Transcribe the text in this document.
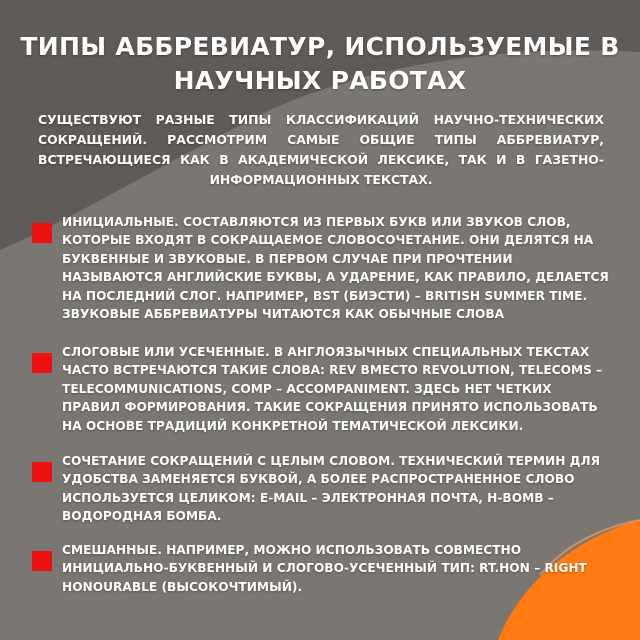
ТИПЫ АББРЕВИАТУР, ИСПОЛЬЗУЕМЫЕ В НАУЧНЫХ РАБОТАХ
СУЩЕСТВУЮТ РАЗНЫЕ ТИПЫ КЛАССИФИКАЦИЙ НАУЧНО-ТЕХНИЧЕСКИХ СОКРАЩЕНИЙ. РАССМОТРИМ САМЫЕ ОБЩИЕ ТИПЫ АББРЕВИАТУР, ВСТРЕЧАЮЩИЕСЯ КАК В АКАДЕМИЧЕСКОЙ ЛЕКСИКЕ, ТАК И В ГАЗЕТНО-ИНФОРМАЦИОННЫХ ТЕКСТАХ.
ИНИЦИАЛЬНЫЕ. СОСТАВЛЯЮТСЯ ИЗ ПЕРВЫХ БУКВ ИЛИ ЗВУКОВ СЛОВ, КОТОРЫЕ ВХОДЯТ В СОКРАЩАЕМОЕ СЛОВОСОЧЕТАНИЕ. ОНИ ДЕЛЯТСЯ НА БУКВЕННЫЕ И ЗВУКОВЫЕ. В ПЕРВОМ СЛУЧАЕ ПРИ ПРОЧТЕНИИ НАЗЫВАЮТСЯ АНГЛИЙСКИЕ БУКВЫ, А УДАРЕНИЕ, КАК ПРАВИЛО, ДЕЛАЕТСЯ НА ПОСЛЕДНИЙ СЛОГ. НАПРИМЕР, BST (БИЭСТИ) – BRITISH SUMMER TIME. ЗВУКОВЫЕ АББРЕВИАТУРЫ ЧИТАЮТСЯ КАК ОБЫЧНЫЕ СЛОВА
СЛОГОВЫЕ ИЛИ УСЕЧЕННЫЕ. В АНГЛОЯЗЫЧНЫХ СПЕЦИАЛЬНЫХ ТЕКСТАХ ЧАСТО ВСТРЕЧАЮТСЯ ТАКИЕ СЛОВА: REV ВМЕСТО REVOLUTION, TELECOMS – TELECOMMUNICATIONS, COMP – ACCOMPANIMENT. ЗДЕСЬ НЕТ ЧЕТКИХ ПРАВИЛ ФОРМИРОВАНИЯ. ТАКИЕ СОКРАЩЕНИЯ ПРИНЯТО ИСПОЛЬЗОВАТЬ НА ОСНОВЕ ТРАДИЦИЙ КОНКРЕТНОЙ ТЕМАТИЧЕСКОЙ ЛЕКСИКИ.
СОЧЕТАНИЕ СОКРАЩЕНИЙ С ЦЕЛЫМ СЛОВОМ. ТЕХНИЧЕСКИЙ ТЕРМИН ДЛЯ УДОБСТВА ЗАМЕНЯЕТСЯ БУКВОЙ, А БОЛЕЕ РАСПРОСТРАНЕННОЕ СЛОВО ИСПОЛЬЗУЕТСЯ ЦЕЛИКОМ: E-MAIL – ЭЛЕКТРОННАЯ ПОЧТА, H-BOMB – ВОДОРОДНАЯ БОМБА.
СМЕШАННЫЕ. НАПРИМЕР, МОЖНО ИСПОЛЬЗОВАТЬ СОВМЕСТНО ИНИЦИАЛЬНО-БУКВЕННЫЙ И СЛОГОВО-УСЕЧЕННЫЙ ТИП: RT.HON – RIGHT HONOURABLE (ВЫСОКОЧТИМЫЙ).
